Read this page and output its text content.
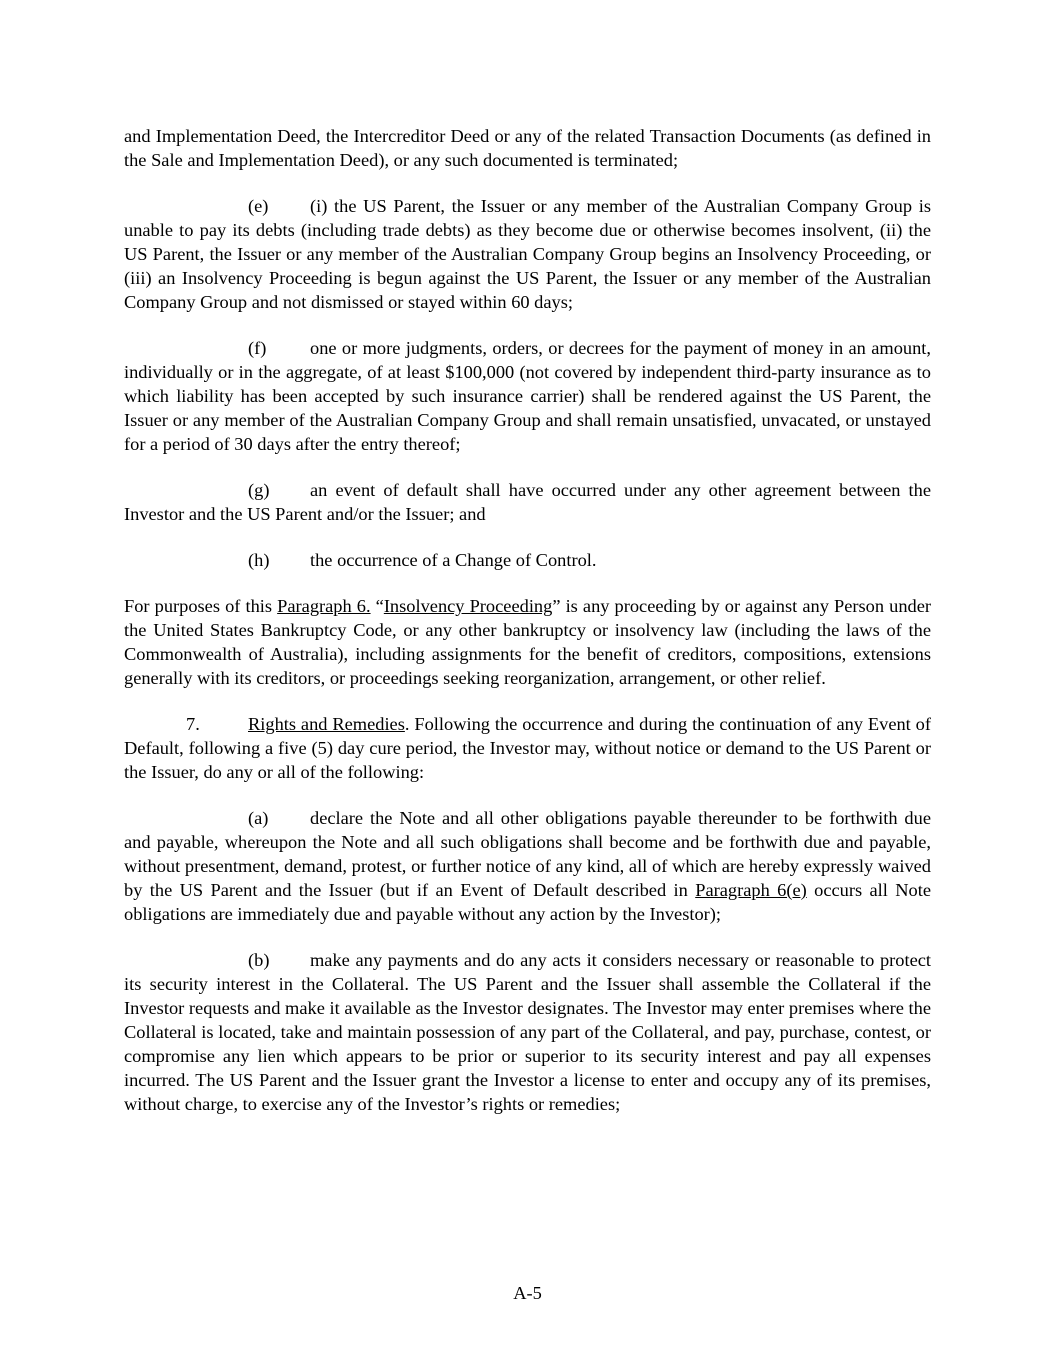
and Implementation Deed, the Intercreditor Deed or any of the related Transaction Documents (as defined in the Sale and Implementation Deed), or any such documented is terminated;

(e) (i) the US Parent, the Issuer or any member of the Australian Company Group is unable to pay its debts (including trade debts) as they become due or otherwise becomes insolvent, (ii) the US Parent, the Issuer or any member of the Australian Company Group begins an Insolvency Proceeding, or (iii) an Insolvency Proceeding is begun against the US Parent, the Issuer or any member of the Australian Company Group and not dismissed or stayed within 60 days;

(f) one or more judgments, orders, or decrees for the payment of money in an amount, individually or in the aggregate, of at least $100,000 (not covered by independent third-party insurance as to which liability has been accepted by such insurance carrier) shall be rendered against the US Parent, the Issuer or any member of the Australian Company Group and shall remain unsatisfied, unvacated, or unstayed for a period of 30 days after the entry thereof;

(g) an event of default shall have occurred under any other agreement between the Investor and the US Parent and/or the Issuer; and

(h) the occurrence of a Change of Control.

For purposes of this Paragraph 6. “Insolvency Proceeding” is any proceeding by or against any Person under the United States Bankruptcy Code, or any other bankruptcy or insolvency law (including the laws of the Commonwealth of Australia), including assignments for the benefit of creditors, compositions, extensions generally with its creditors, or proceedings seeking reorganization, arrangement, or other relief.

7.	Rights and Remedies. Following the occurrence and during the continuation of any Event of Default, following a five (5) day cure period, the Investor may, without notice or demand to the US Parent or the Issuer, do any or all of the following:

(a) declare the Note and all other obligations payable thereunder to be forthwith due and payable, whereupon the Note and all such obligations shall become and be forthwith due and payable, without presentment, demand, protest, or further notice of any kind, all of which are hereby expressly waived by the US Parent and the Issuer (but if an Event of Default described in Paragraph 6(e) occurs all Note obligations are immediately due and payable without any action by the Investor);

(b) make any payments and do any acts it considers necessary or reasonable to protect its security interest in the Collateral. The US Parent and the Issuer shall assemble the Collateral if the Investor requests and make it available as the Investor designates. The Investor may enter premises where the Collateral is located, take and maintain possession of any part of the Collateral, and pay, purchase, contest, or compromise any lien which appears to be prior or superior to its security interest and pay all expenses incurred. The US Parent and the Issuer grant the Investor a license to enter and occupy any of its premises, without charge, to exercise any of the Investor’s rights or remedies;

A-5
